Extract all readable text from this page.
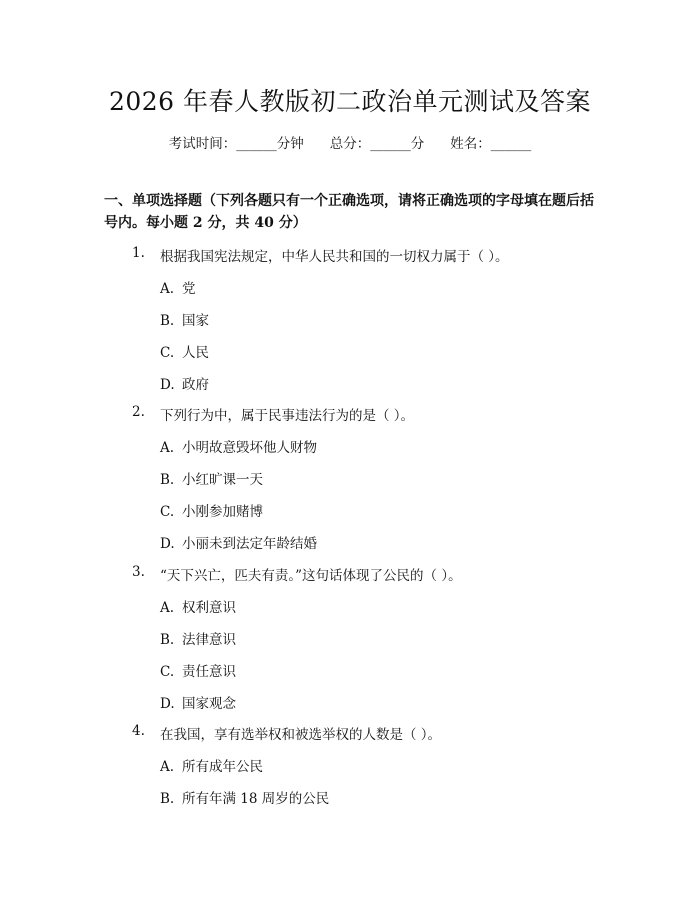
2026 年春人教版初二政治单元测试及答案
考试时间：______分钟 总分：______分 姓名：______
一、单项选择题（下列各题只有一个正确选项，请将正确选项的字母填在题后括号内。每小题 2 分，共 40 分）
1. 根据我国宪法规定，中华人民共和国的一切权力属于（ ）。
A. 党
B. 国家
C. 人民
D. 政府
2. 下列行为中，属于民事违法行为的是（ ）。
A. 小明故意毁坏他人财物
B. 小红旷课一天
C. 小刚参加赌博
D. 小丽未到法定年龄结婚
3. “天下兴亡，匹夫有责。”这句话体现了公民的（ ）。
A. 权利意识
B. 法律意识
C. 责任意识
D. 国家观念
4. 在我国，享有选举权和被选举权的人数是（ ）。
A. 所有成年公民
B. 所有年满 18 周岁的公民
